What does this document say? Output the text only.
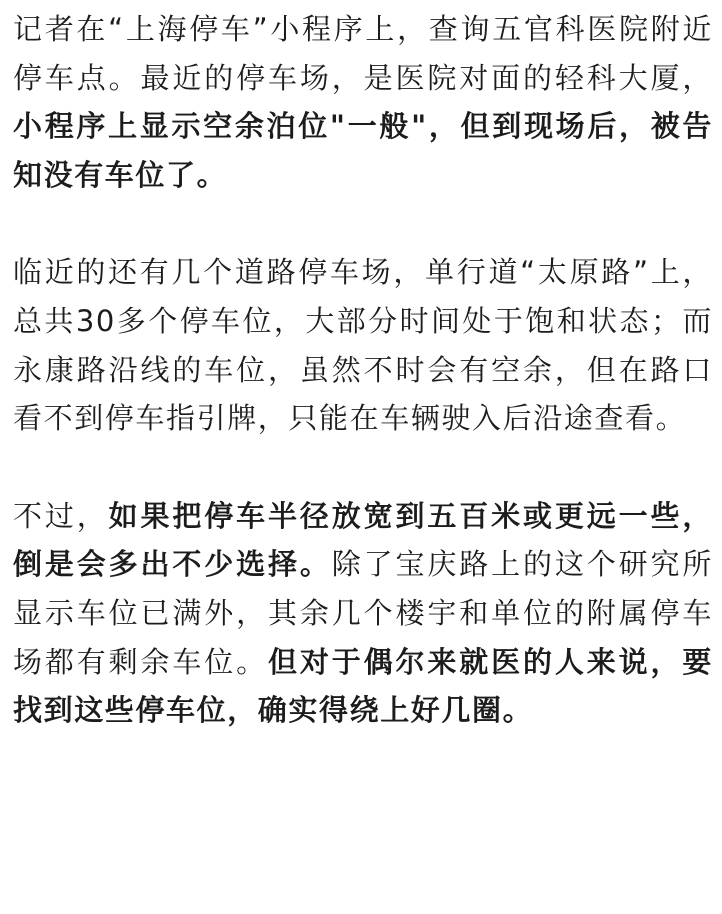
记者在“上海停车”小程序上，查询五官科医院附近停车点。最近的停车场，是医院对面的轻科大厦，小程序上显示空余泊位"一般"，但到现场后，被告知没有车位了。

临近的还有几个道路停车场，单行道“太原路”上，总共30多个停车位，大部分时间处于饱和状态；而永康路沿线的车位，虽然不时会有空余，但在路口看不到停车指引牌，只能在车辆驶入后沿途查看。

不过，如果把停车半径放宽到五百米或更远一些，倒是会多出不少选择。除了宝庆路上的这个研究所显示车位已满外，其余几个楼宇和单位的附属停车场都有剩余车位。但对于偶尔来就医的人来说，要找到这些停车位，确实得绕上好几圈。
